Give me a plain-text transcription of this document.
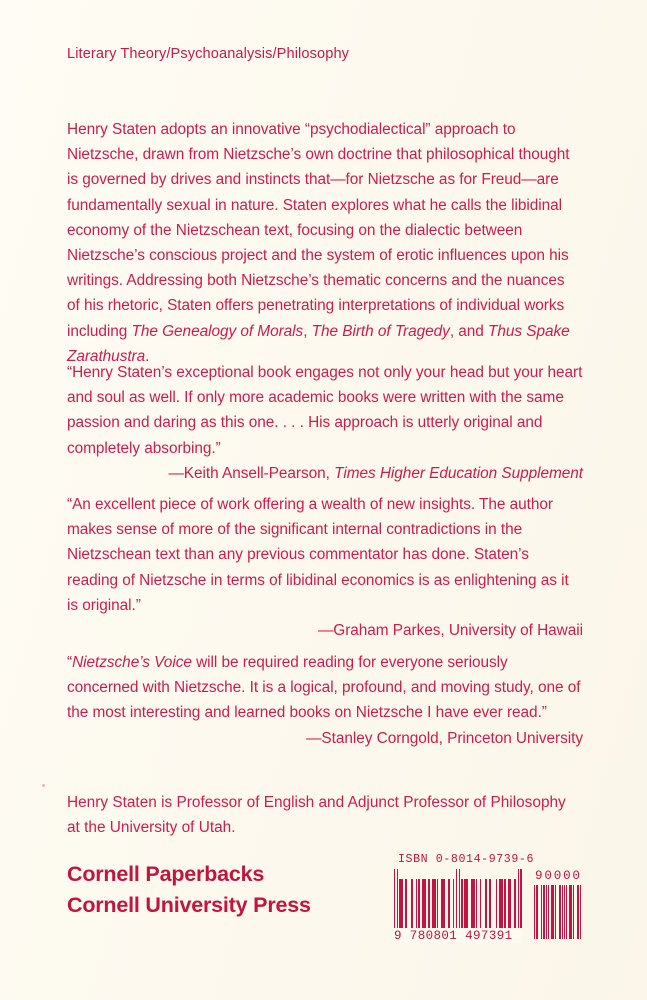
Literary Theory/Psychoanalysis/Philosophy
Henry Staten adopts an innovative “psychodialectical” approach to Nietzsche, drawn from Nietzsche’s own doctrine that philosophical thought is governed by drives and instincts that—for Nietzsche as for Freud—are fundamentally sexual in nature. Staten explores what he calls the libidinal economy of the Nietzschean text, focusing on the dialectic between Nietzsche’s conscious project and the system of erotic influences upon his writings. Addressing both Nietzsche’s thematic concerns and the nuances of his rhetoric, Staten offers penetrating interpretations of individual works including The Genealogy of Morals, The Birth of Tragedy, and Thus Spake Zarathustra.
“Henry Staten’s exceptional book engages not only your head but your heart and soul as well. If only more academic books were written with the same passion and daring as this one. . . . His approach is utterly original and completely absorbing.”
—Keith Ansell-Pearson, Times Higher Education Supplement
“An excellent piece of work offering a wealth of new insights. The author makes sense of more of the significant internal contradictions in the Nietzschean text than any previous commentator has done. Staten’s reading of Nietzsche in terms of libidinal economics is as enlightening as it is original.”
—Graham Parkes, University of Hawaii
“Nietzsche’s Voice will be required reading for everyone seriously concerned with Nietzsche. It is a logical, profound, and moving study, one of the most interesting and learned books on Nietzsche I have ever read.”
—Stanley Corngold, Princeton University
Henry Staten is Professor of English and Adjunct Professor of Philosophy at the University of Utah.
Cornell Paperbacks
Cornell University Press
ISBN 0-8014-9739-6
9 780801 497391
90000
